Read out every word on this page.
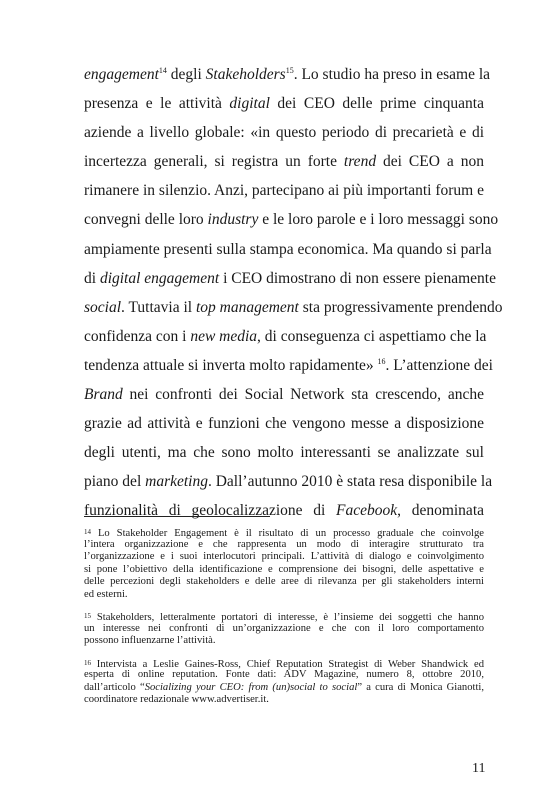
engagement$^{14}$ degli Stakeholders$^{15}$. Lo studio ha preso in esame la
presenza e le attività digital dei CEO delle prime cinquanta
aziende a livello globale: «in questo periodo di precarietà e di
incertezza generali, si registra un forte trend dei CEO a non
rimanere in silenzio. Anzi, partecipano ai più importanti forum e
convegni delle loro industry e le loro parole e i loro messaggi sono
ampiamente presenti sulla stampa economica. Ma quando si parla
di digital engagement i CEO dimostrano di non essere pienamente
social. Tuttavia il top management sta progressivamente prendendo
confidenza con i new media, di conseguenza ci aspettiamo che la
tendenza attuale si inverta molto rapidamente» $^{16}$. L’attenzione dei
Brand nei confronti dei Social Network sta crescendo, anche
grazie ad attività e funzioni che vengono messe a disposizione
degli utenti, ma che sono molto interessanti se analizzate sul
piano del marketing. Dall’autunno 2010 è stata resa disponibile la
funzionalità di geolocalizzazione di Facebook, denominata
14 Lo Stakeholder Engagement è il risultato di un processo graduale che coinvolge
l’intera organizzazione e che rappresenta un modo di interagire strutturato tra
l’organizzazione e i suoi interlocutori principali. L’attività di dialogo e coinvolgimento
si pone l’obiettivo della identificazione e comprensione dei bisogni, delle aspettative e
delle percezioni degli stakeholders e delle aree di rilevanza per gli stakeholders interni
ed esterni.
15 Stakeholders, letteralmente portatori di interesse, è l’insieme dei soggetti che hanno
un interesse nei confronti di un’organizzazione e che con il loro comportamento
possono influenzarne l’attività.
16 Intervista a Leslie Gaines-Ross, Chief Reputation Strategist di Weber Shandwick ed
esperta di online reputation. Fonte dati: ADV Magazine, numero 8, ottobre 2010,
dall’articolo “Socializing your CEO: from (un)social to social” a cura di Monica Gianotti,
coordinatore redazionale www.advertiser.it.
11
